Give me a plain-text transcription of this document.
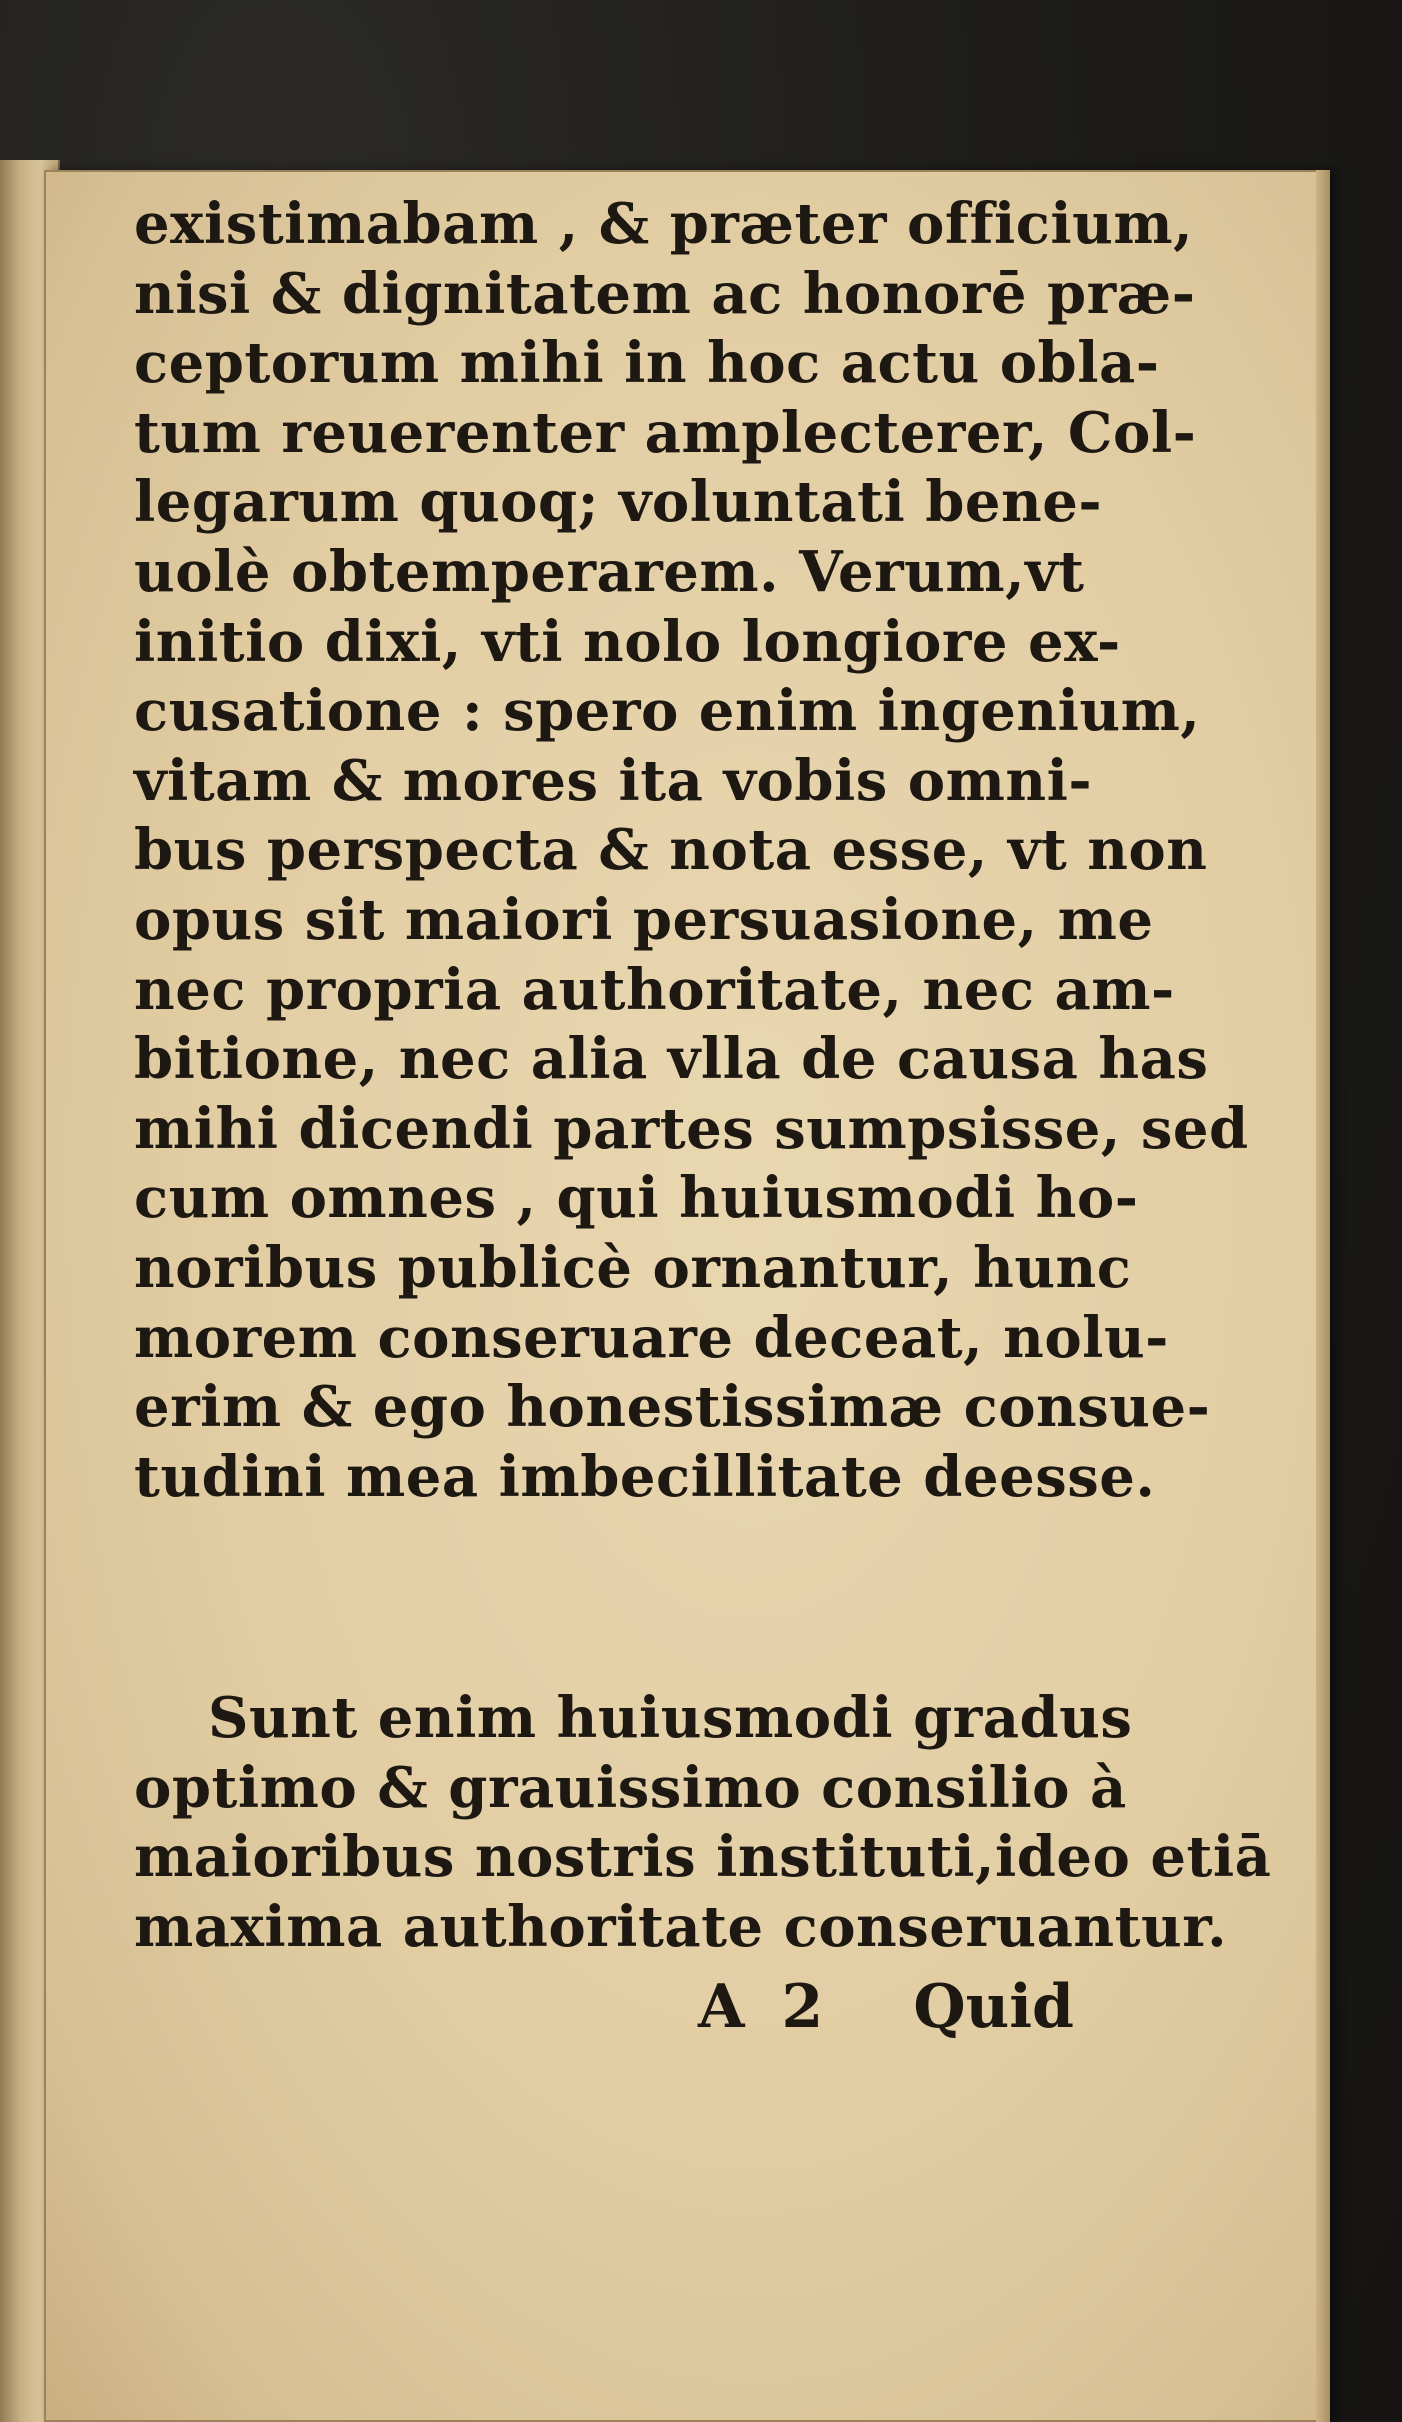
existimabam , & præter officium,
nisi & dignitatem ac honorē præ-
ceptorum mihi in hoc actu obla-
tum reuerenter amplecterer, Col-
legarum quoq; voluntati bene-
uolè obtemperarem. Verum,vt
initio dixi, vti nolo longiore ex-
cusatione : spero enim ingenium,
vitam & mores ita vobis omni-
bus perspecta & nota esse, vt non
opus sit maiori persuasione, me
nec propria authoritate, nec am-
bitione, nec alia vlla de causa has
mihi dicendi partes sumpsisse, sed
cum omnes , qui huiusmodi ho-
noribus publicè ornantur, hunc
morem conseruare deceat, nolu-
erim & ego honestissimæ consue-
tudini mea imbecillitate deesse.
Sunt enim huiusmodi gradus
optimo & grauissimo consilio à
maioribus nostris instituti,ideo etiā
maxima authoritate conseruantur.
A 2 Quid
